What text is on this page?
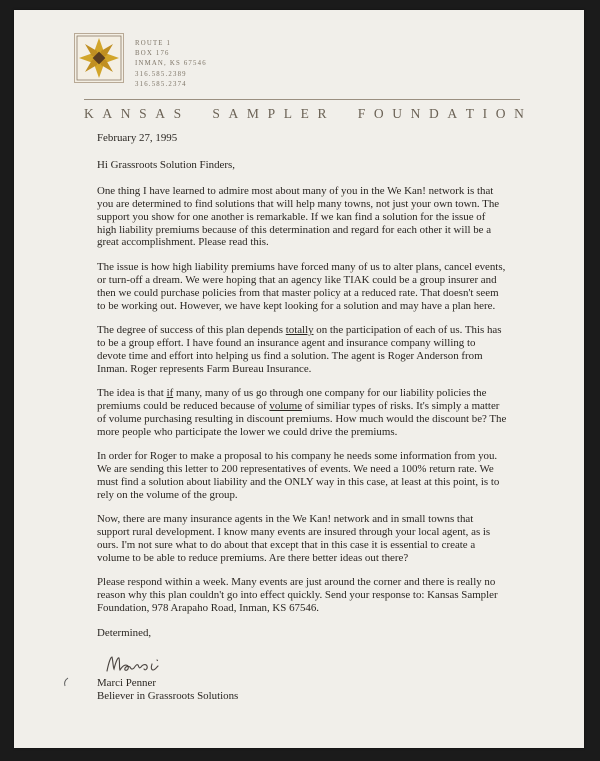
ROUTE 1
BOX 176
INMAN, KS 67546
316.585.2389
316.585.2374
K A N S A S S A M P L E R F O U N D A T I O N

February 27, 1995

Hi Grassroots Solution Finders,

One thing I have learned to admire most about many of you in the We Kan! network is that you are determined to find solutions that will help many towns, not just your own town. The support you show for one another is remarkable. If we kan find a solution for the issue of high liability premiums because of this determination and regard for each other it will be a great accomplishment. Please read this.

The issue is how high liability premiums have forced many of us to alter plans, cancel events, or turn-off a dream. We were hoping that an agency like TIAK could be a group insurer and then we could purchase policies from that master policy at a reduced rate. That doesn't seem to be working out. However, we have kept looking for a solution and may have a plan here.

The degree of success of this plan depends totally on the participation of each of us. This has to be a group effort. I have found an insurance agent and insurance company willing to devote time and effort into helping us find a solution. The agent is Roger Anderson from Inman. Roger represents Farm Bureau Insurance.

The idea is that if many, many of us go through one company for our liability policies the premiums could be reduced because of volume of similiar types of risks. It's simply a matter of volume purchasing resulting in discount premiums. How much would the discount be? The more people who participate the lower we could drive the premiums.

In order for Roger to make a proposal to his company he needs some information from you. We are sending this letter to 200 representatives of events. We need a 100% return rate. We must find a solution about liability and the ONLY way in this case, at least at this point, is to rely on the volume of the group.

Now, there are many insurance agents in the We Kan! network and in small towns that support rural development. I know many events are insured through your local agent, as is ours. I'm not sure what to do about that except that in this case it is essential to create a volume to be able to reduce premiums. Are there better ideas out there?

Please respond within a week. Many events are just around the corner and there is really no reason why this plan couldn't go into effect quickly. Send your response to: Kansas Sampler Foundation, 978 Arapaho Road, Inman, KS 67546.

Determined,

Marci Penner
Believer in Grassroots Solutions
